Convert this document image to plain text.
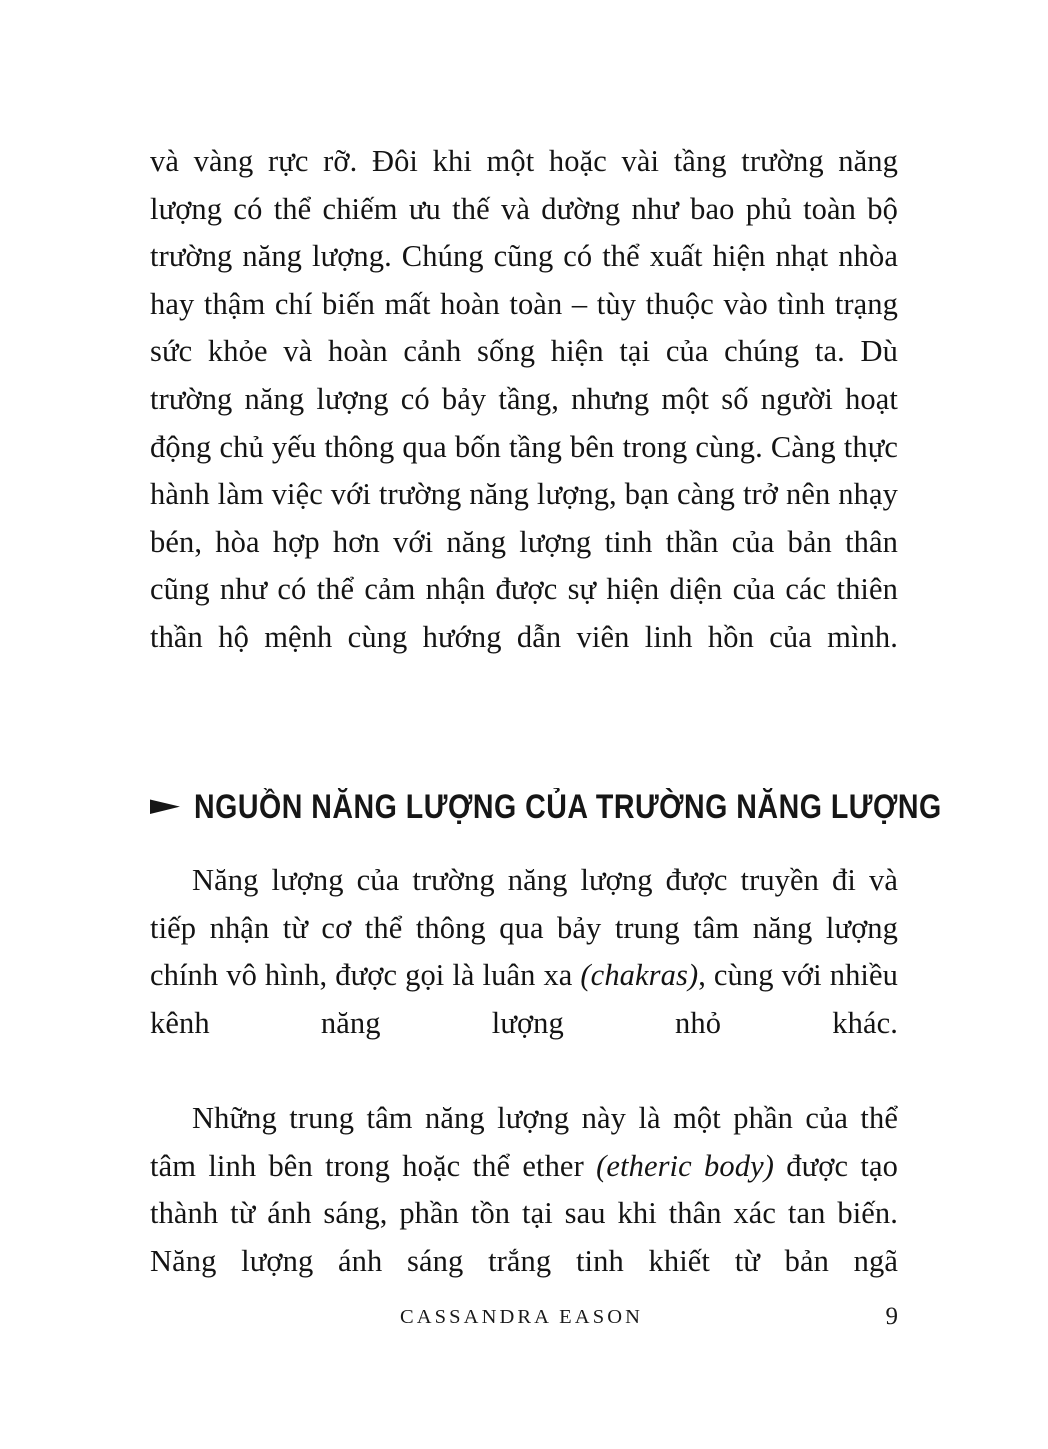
và vàng rực rỡ. Đôi khi một hoặc vài tầng trường năng lượng có thể chiếm ưu thế và dường như bao phủ toàn bộ trường năng lượng. Chúng cũng có thể xuất hiện nhạt nhòa hay thậm chí biến mất hoàn toàn – tùy thuộc vào tình trạng sức khỏe và hoàn cảnh sống hiện tại của chúng ta. Dù trường năng lượng có bảy tầng, nhưng một số người hoạt động chủ yếu thông qua bốn tầng bên trong cùng. Càng thực hành làm việc với trường năng lượng, bạn càng trở nên nhạy bén, hòa hợp hơn với năng lượng tinh thần của bản thân cũng như có thể cảm nhận được sự hiện diện của các thiên thần hộ mệnh cùng hướng dẫn viên linh hồn của mình.

NGUỒN NĂNG LƯỢNG CỦA TRƯỜNG NĂNG LƯỢNG

Năng lượng của trường năng lượng được truyền đi và tiếp nhận từ cơ thể thông qua bảy trung tâm năng lượng chính vô hình, được gọi là luân xa (chakras), cùng với nhiều kênh năng lượng nhỏ khác.

Những trung tâm năng lượng này là một phần của thể tâm linh bên trong hoặc thể ether (etheric body) được tạo thành từ ánh sáng, phần tồn tại sau khi thân xác tan biến. Năng lượng ánh sáng trắng tinh khiết từ bản ngã

CASSANDRA EASON	9
